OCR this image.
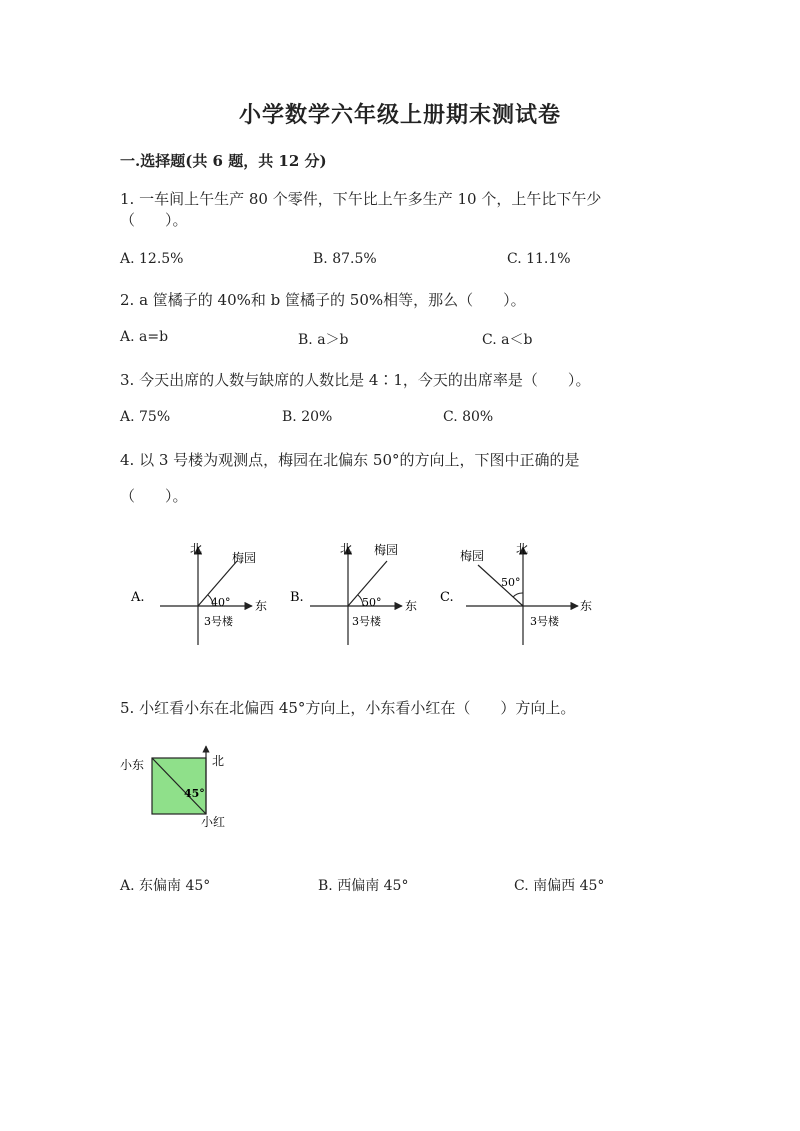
小学数学六年级上册期末测试卷
一.选择题(共 6 题，共 12 分)
1. 一车间上午生产 80 个零件，下午比上午多生产 10 个，上午比下午少
（　　）。
A. 12.5%	B. 87.5%	C. 11.1%
2. a 筐橘子的 40%和 b 筐橘子的 50%相等，那么（　　）。
A. a=b	B. a＞b	C. a＜b
3. 今天出席的人数与缺席的人数比是 4∶1，今天的出席率是（　　）。
A. 75%	B. 20%	C. 80%
4. 以 3 号楼为观测点，梅园在北偏东 50°的方向上，下图中正确的是
（　　）。
A.
北
东
梅园
40°
3号楼
B.
北
东
梅园
50°
3号楼
C.
北
东
梅园
50°
3号楼
5. 小红看小东在北偏西 45°方向上，小东看小红在（　　）方向上。
小东	北
45°
小红
A. 东偏南 45°	B. 西偏南 45°	C. 南偏西 45°
